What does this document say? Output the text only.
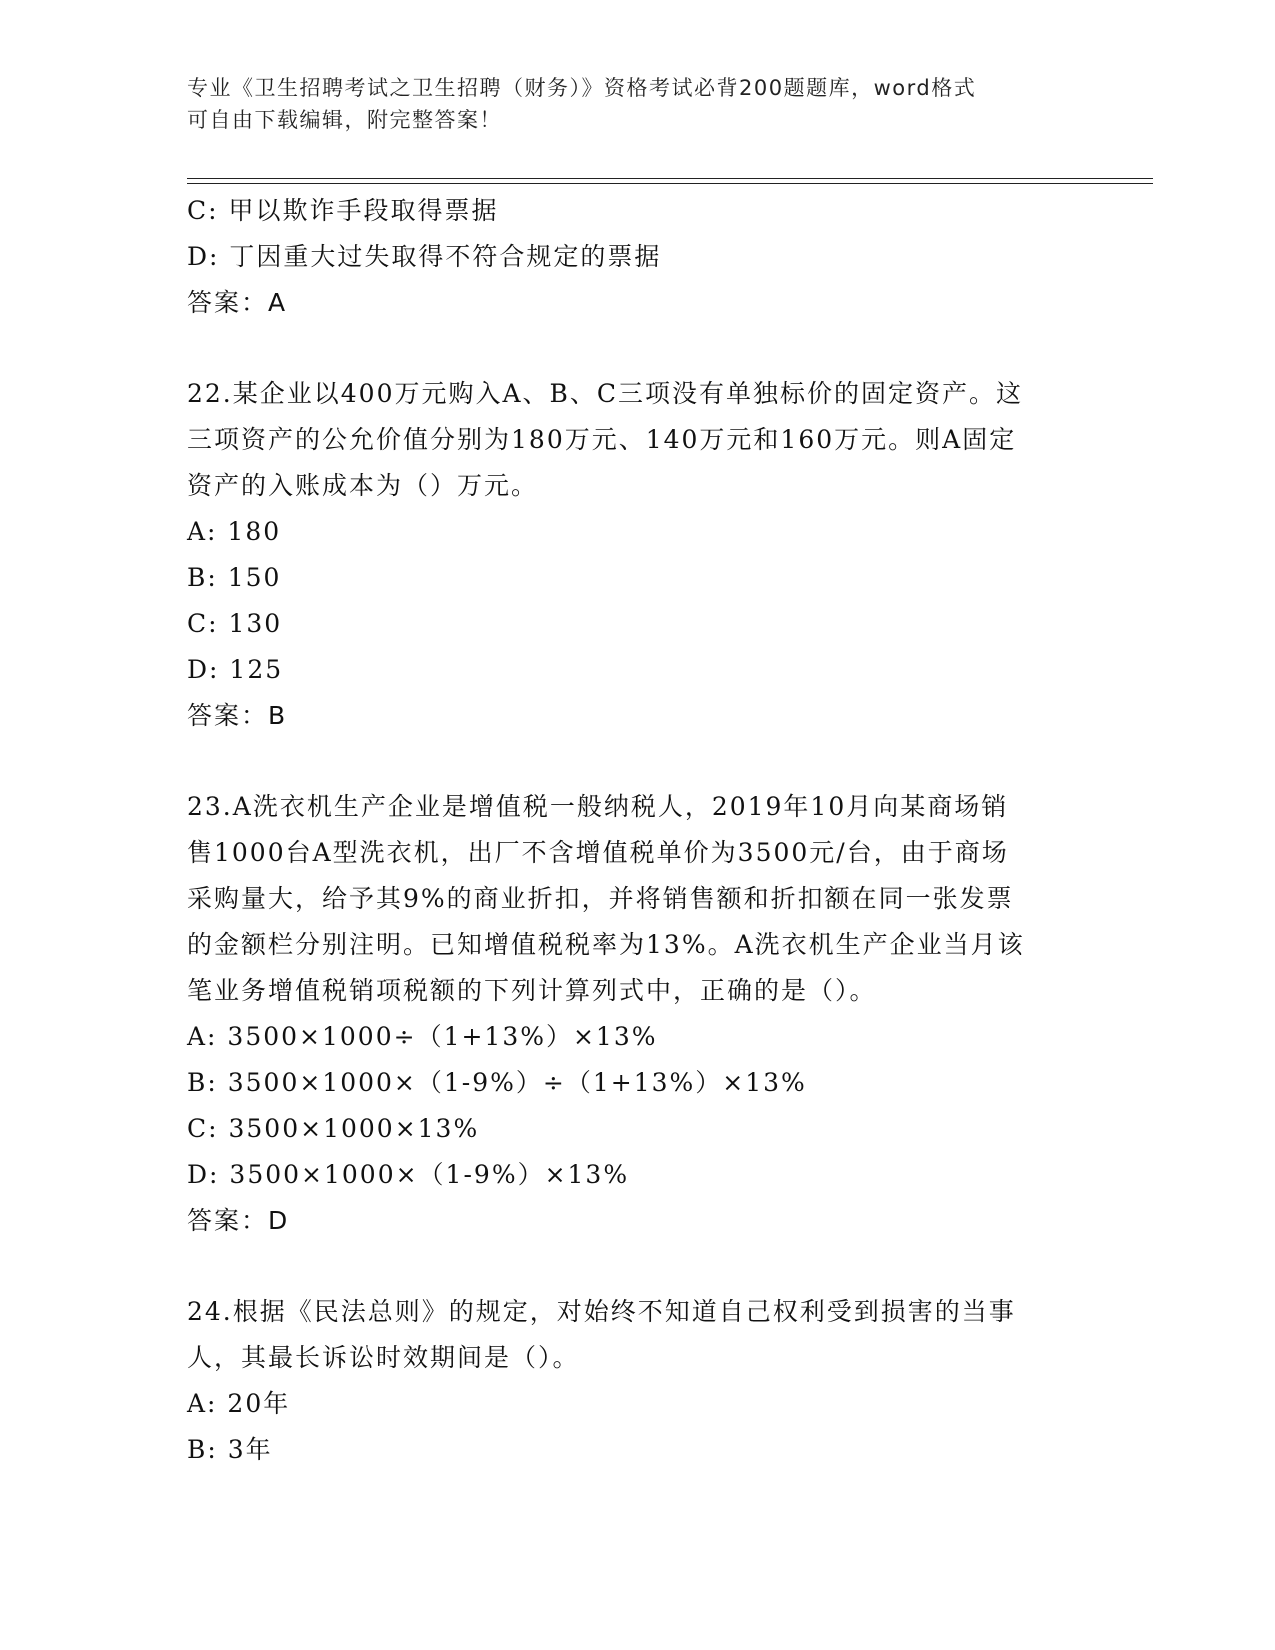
专业《卫生招聘考试之卫生招聘（财务）》资格考试必背200题题库，word格式
可自由下载编辑，附完整答案！
C: 甲以欺诈手段取得票据
D: 丁因重大过失取得不符合规定的票据
答案：A
22.某企业以400万元购入A、B、C三项没有单独标价的固定资产。这
三项资产的公允价值分别为180万元、140万元和160万元。则A固定
资产的入账成本为（）万元。
A: 180
B: 150
C: 130
D: 125
答案：B
23.A洗衣机生产企业是增值税一般纳税人，2019年10月向某商场销
售1000台A型洗衣机，出厂不含增值税单价为3500元/台，由于商场
采购量大，给予其9%的商业折扣，并将销售额和折扣额在同一张发票
的金额栏分别注明。已知增值税税率为13%。A洗衣机生产企业当月该
笔业务增值税销项税额的下列计算列式中，正确的是（）。
A: 3500×1000÷（1+13%）×13%
B: 3500×1000×（1-9%）÷（1+13%）×13%
C: 3500×1000×13%
D: 3500×1000×（1-9%）×13%
答案：D
24.根据《民法总则》的规定，对始终不知道自己权利受到损害的当事
人，其最长诉讼时效期间是（）。
A: 20年
B: 3年
